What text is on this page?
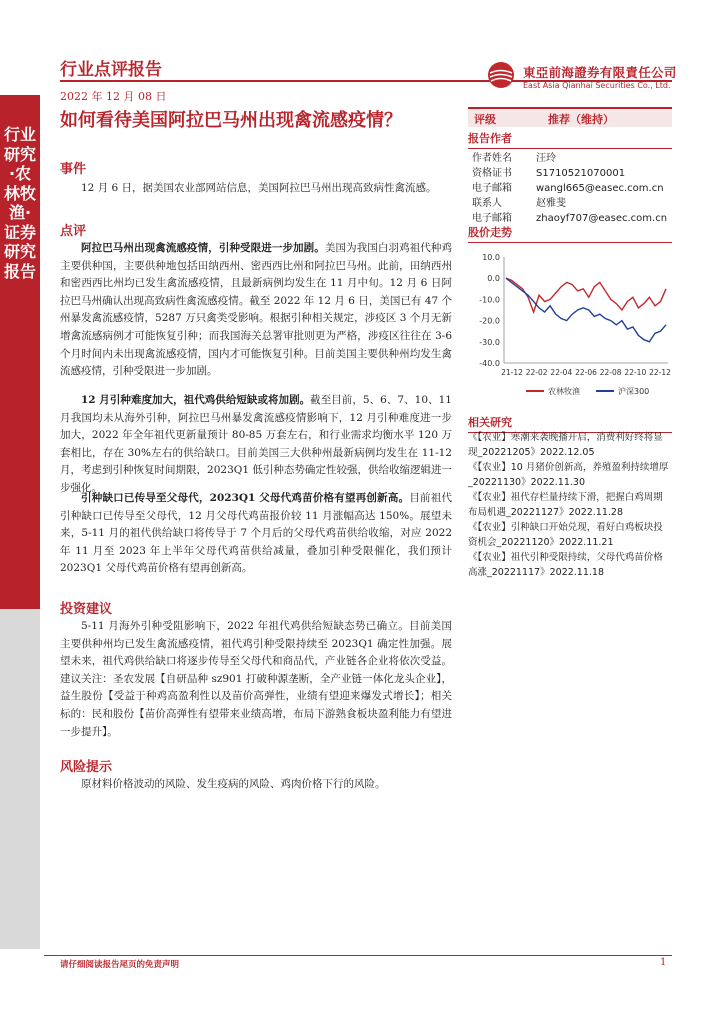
行业点评报告
2022 年 12 月 08 日
東亞前海證券有限責任公司
East Asia Qianhai Securities Co., Ltd.
行业研究·农林牧渔·证券研究报告
如何看待美国阿拉巴马州出现禽流感疫情？
事件

12 月 6 日，据美国农业部网站信息，美国阿拉巴马州出现高致病性禽流感。

点评

阿拉巴马州出现禽流感疫情，引种受限进一步加剧。美国为我国白羽鸡祖代种鸡主要供种国，主要供种地包括田纳西州、密西西比州和阿拉巴马州。此前，田纳西州和密西西比州均已发生禽流感疫情，且最新病例均发生在 11 月中旬。12 月 6 日阿拉巴马州确认出现高致病性禽流感疫情。截至 2022 年 12 月 6 日，美国已有 47 个州暴发禽流感疫情，5287 万只禽类受影响。根据引种相关规定，涉疫区 3 个月无新增禽流感病例才可能恢复引种；而我国海关总署审批则更为严格，涉疫区往往在 3-6 个月时间内未出现禽流感疫情，国内才可能恢复引种。目前美国主要供种州均发生禽流感疫情，引种受限进一步加剧。

12 月引种难度加大，祖代鸡供给短缺或将加剧。截至目前，5、6、7、10、11 月我国均未从海外引种，阿拉巴马州暴发禽流感疫情影响下，12 月引种难度进一步加大，2022 年全年祖代更新量预计 80-85 万套左右，和行业需求均衡水平 120 万套相比，存在 30%左右的供给缺口。目前美国三大供种州最新病例均发生在 11-12 月，考虑到引种恢复时间期限，2023Q1 低引种态势确定性较强，供给收缩逻辑进一步强化。

引种缺口已传导至父母代，2023Q1 父母代鸡苗价格有望再创新高。目前祖代引种缺口已传导至父母代，12 月父母代鸡苗报价较 11 月涨幅高达 150%。展望未来，5-11 月的祖代供给缺口将传导于 7 个月后的父母代鸡苗供给收缩，对应 2022 年 11 月至 2023 年上半年父母代鸡苗供给减量，叠加引种受限催化，我们预计 2023Q1 父母代鸡苗价格有望再创新高。

投资建议

5-11 月海外引种受阻影响下，2022 年祖代鸡供给短缺态势已确立。目前美国主要供种州均已发生禽流感疫情，祖代鸡引种受限持续至 2023Q1 确定性加强。展望未来，祖代鸡供给缺口将逐步传导至父母代和商品代，产业链各企业将依次受益。建议关注：圣农发展【自研品种 sz901 打破种源垄断，全产业链一体化龙头企业】，益生股份【受益于种鸡高盈利性以及苗价高弹性，业绩有望迎来爆发式增长】；相关标的：民和股份【苗价高弹性有望带来业绩高增，布局下游熟食板块盈利能力有望进一步提升】。

风险提示

原材料价格波动的风险、发生疫病的风险、鸡肉价格下行的风险。

评级	推荐（维持）
报告作者
作者姓名 汪玲
资格证书 S1710521070001
电子邮箱 wangl665@easec.com.cn
联系人	赵雅斐
电子邮箱 zhaoyf707@easec.com.cn
股价走势
10.0
0.0
-10.0
-20.0
-30.0
-40.0
21-12 22-02 22-04 22-06 22-08 22-10 22-12
农林牧渔	沪深300
相关研究
《【农业】寒潮来袭晚播开启，消费利好终将显现_20221205》2022.12.05
《【农业】10 月猪价创新高，养殖盈利持续增厚_20221130》2022.11.30
《【农业】祖代存栏量持续下滑，把握白鸡周期布局机遇_20221127》2022.11.28
《【农业】引种缺口开始兑现，看好白鸡板块投资机会_20221120》2022.11.21
《【农业】祖代引种受限持续，父母代鸡苗价格高涨_20221117》2022.11.18
请仔细阅读报告尾页的免责声明	1
